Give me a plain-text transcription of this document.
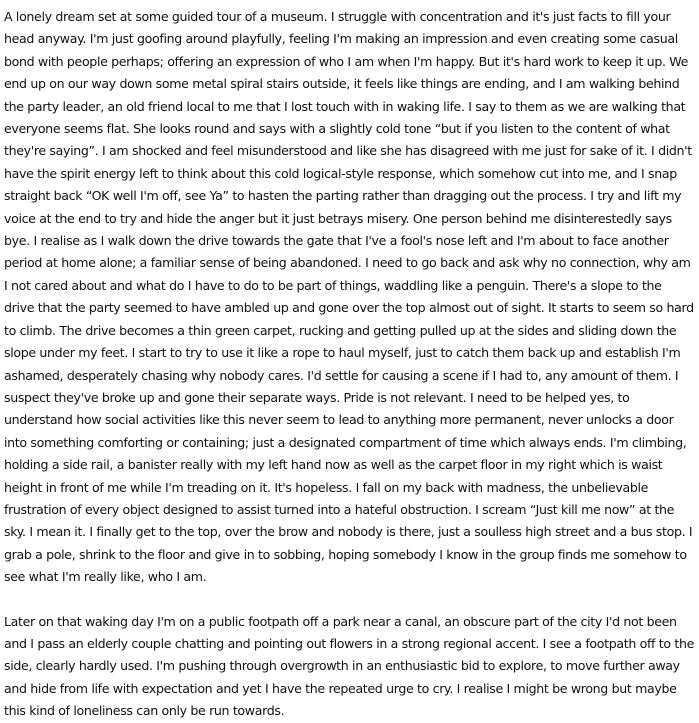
A lonely dream set at some guided tour of a museum. I struggle with concentration and it's just facts to fill your head anyway. I'm just goofing around playfully, feeling I'm making an impression and even creating some casual bond with people perhaps; offering an expression of who I am when I'm happy. But it's hard work to keep it up. We end up on our way down some metal spiral stairs outside, it feels like things are ending, and I am walking behind the party leader, an old friend local to me that I lost touch with in waking life. I say to them as we are walking that everyone seems flat. She looks round and says with a slightly cold tone “but if you listen to the content of what they're saying”. I am shocked and feel misunderstood and like she has disagreed with me just for sake of it. I didn't have the spirit energy left to think about this cold logical-style response, which somehow cut into me, and I snap straight back “OK well I'm off, see Ya” to hasten the parting rather than dragging out the process. I try and lift my voice at the end to try and hide the anger but it just betrays misery. One person behind me disinterestedly says bye. I realise as I walk down the drive towards the gate that I've a fool's nose left and I'm about to face another period at home alone; a familiar sense of being abandoned. I need to go back and ask why no connection, why am I not cared about and what do I have to do to be part of things, waddling like a penguin. There's a slope to the drive that the party seemed to have ambled up and gone over the top almost out of sight. It starts to seem so hard to climb. The drive becomes a thin green carpet, rucking and getting pulled up at the sides and sliding down the slope under my feet. I start to try to use it like a rope to haul myself, just to catch them back up and establish I'm ashamed, desperately chasing why nobody cares. I'd settle for causing a scene if I had to, any amount of them. I suspect they've broke up and gone their separate ways. Pride is not relevant. I need to be helped yes, to understand how social activities like this never seem to lead to anything more permanent, never unlocks a door into something comforting or containing; just a designated compartment of time which always ends. I'm climbing, holding a side rail, a banister really with my left hand now as well as the carpet floor in my right which is waist height in front of me while I'm treading on it. It's hopeless. I fall on my back with madness, the unbelievable frustration of every object designed to assist turned into a hateful obstruction. I scream “Just kill me now” at the sky. I mean it. I finally get to the top, over the brow and nobody is there, just a soulless high street and a bus stop. I grab a pole, shrink to the floor and give in to sobbing, hoping somebody I know in the group finds me somehow to see what I'm really like, who I am.

Later on that waking day I'm on a public footpath off a park near a canal, an obscure part of the city I'd not been and I pass an elderly couple chatting and pointing out flowers in a strong regional accent. I see a footpath off to the side, clearly hardly used. I'm pushing through overgrowth in an enthusiastic bid to explore, to move further away and hide from life with expectation and yet I have the repeated urge to cry. I realise I might be wrong but maybe this kind of loneliness can only be run towards.
